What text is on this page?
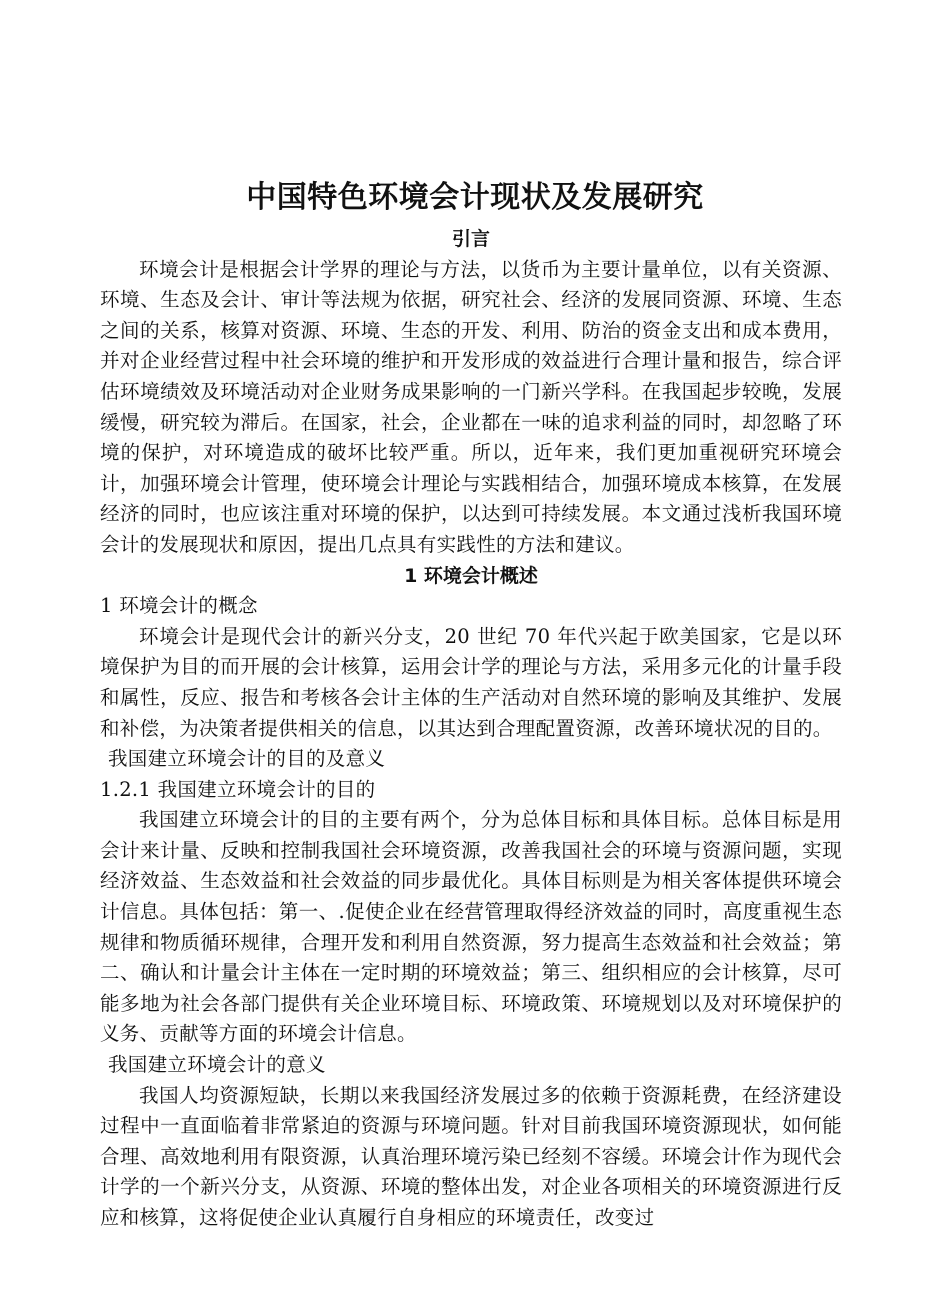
中国特色环境会计现状及发展研究
引言

环境会计是根据会计学界的理论与方法，以货币为主要计量单位，以有关资源、环境、生态及会计、审计等法规为依据，研究社会、经济的发展同资源、环境、生态之间的关系，核算对资源、环境、生态的开发、利用、防治的资金支出和成本费用，并对企业经营过程中社会环境的维护和开发形成的效益进行合理计量和报告，综合评估环境绩效及环境活动对企业财务成果影响的一门新兴学科。在我国起步较晚，发展缓慢，研究较为滞后。在国家，社会，企业都在一味的追求利益的同时，却忽略了环境的保护，对环境造成的破坏比较严重。所以，近年来，我们更加重视研究环境会计，加强环境会计管理，使环境会计理论与实践相结合，加强环境成本核算，在发展经济的同时，也应该注重对环境的保护，以达到可持续发展。本文通过浅析我国环境会计的发展现状和原因，提出几点具有实践性的方法和建议。

1 环境会计概述

1 环境会计的概念

环境会计是现代会计的新兴分支，20 世纪 70 年代兴起于欧美国家，它是以环境保护为目的而开展的会计核算，运用会计学的理论与方法，采用多元化的计量手段和属性，反应、报告和考核各会计主体的生产活动对自然环境的影响及其维护、发展和补偿，为决策者提供相关的信息，以其达到合理配置资源，改善环境状况的目的。

我国建立环境会计的目的及意义

1.2.1 我国建立环境会计的目的

我国建立环境会计的目的主要有两个，分为总体目标和具体目标。总体目标是用会计来计量、反映和控制我国社会环境资源，改善我国社会的环境与资源问题，实现经济效益、生态效益和社会效益的同步最优化。具体目标则是为相关客体提供环境会计信息。具体包括：第一、.促使企业在经营管理取得经济效益的同时，高度重视生态规律和物质循环规律，合理开发和利用自然资源，努力提高生态效益和社会效益；第二、确认和计量会计主体在一定时期的环境效益；第三、组织相应的会计核算，尽可能多地为社会各部门提供有关企业环境目标、环境政策、环境规划以及对环境保护的义务、贡献等方面的环境会计信息。

我国建立环境会计的意义

我国人均资源短缺，长期以来我国经济发展过多的依赖于资源耗费，在经济建设过程中一直面临着非常紧迫的资源与环境问题。针对目前我国环境资源现状，如何能合理、高效地利用有限资源，认真治理环境污染已经刻不容缓。环境会计作为现代会计学的一个新兴分支，从资源、环境的整体出发，对企业各项相关的环境资源进行反应和核算，这将促使企业认真履行自身相应的环境责任，改变过
